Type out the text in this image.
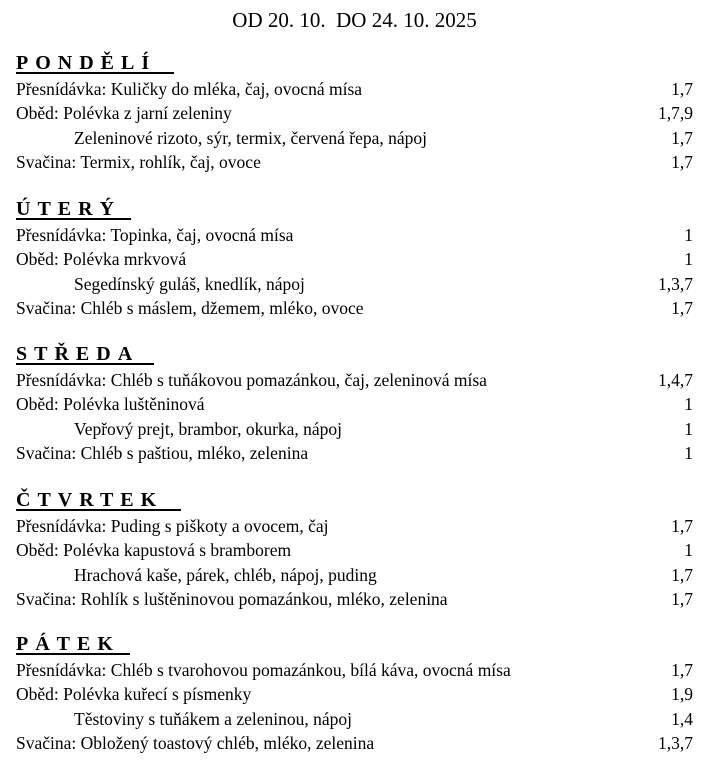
OD 20. 10.  DO 24. 10. 2025
PONDĚLÍ
Přesnídávka: Kuličky do mléka, čaj, ovocná mísa	1,7
Oběd: Polévka z jarní zeleniny	1,7,9
Zeleninové rizoto, sýr, termix, červená řepa, nápoj	1,7
Svačina: Termix, rohlík, čaj, ovoce	1,7
ÚTERÝ
Přesnídávka: Topinka, čaj, ovocná mísa	1
Oběd: Polévka mrkvová	1
Segedínský guláš, knedlík, nápoj	1,3,7
Svačina: Chléb s máslem, džemem, mléko, ovoce	1,7
STŘEDA
Přesnídávka: Chléb s tuňákovou pomazánkou, čaj, zeleninová mísa	1,4,7
Oběd: Polévka luštěninová	1
Vepřový prejt, brambor, okurka, nápoj	1
Svačina: Chléb s paštiou, mléko, zelenina	1
ČTVRTEK
Přesnídávka: Puding s piškoty a ovocem, čaj	1,7
Oběd: Polévka kapustová s bramborem	1
Hrachová kaše, párek, chléb, nápoj, puding	1,7
Svačina: Rohlík s luštěninovou pomazánkou, mléko, zelenina	1,7
PÁTEK
Přesnídávka: Chléb s tvarohovou pomazánkou, bílá káva, ovocná mísa	1,7
Oběd: Polévka kuřecí s písmenky	1,9
Těstoviny s tuňákem a zeleninou, nápoj	1,4
Svačina: Obložený toastový chléb, mléko, zelenina	1,3,7
